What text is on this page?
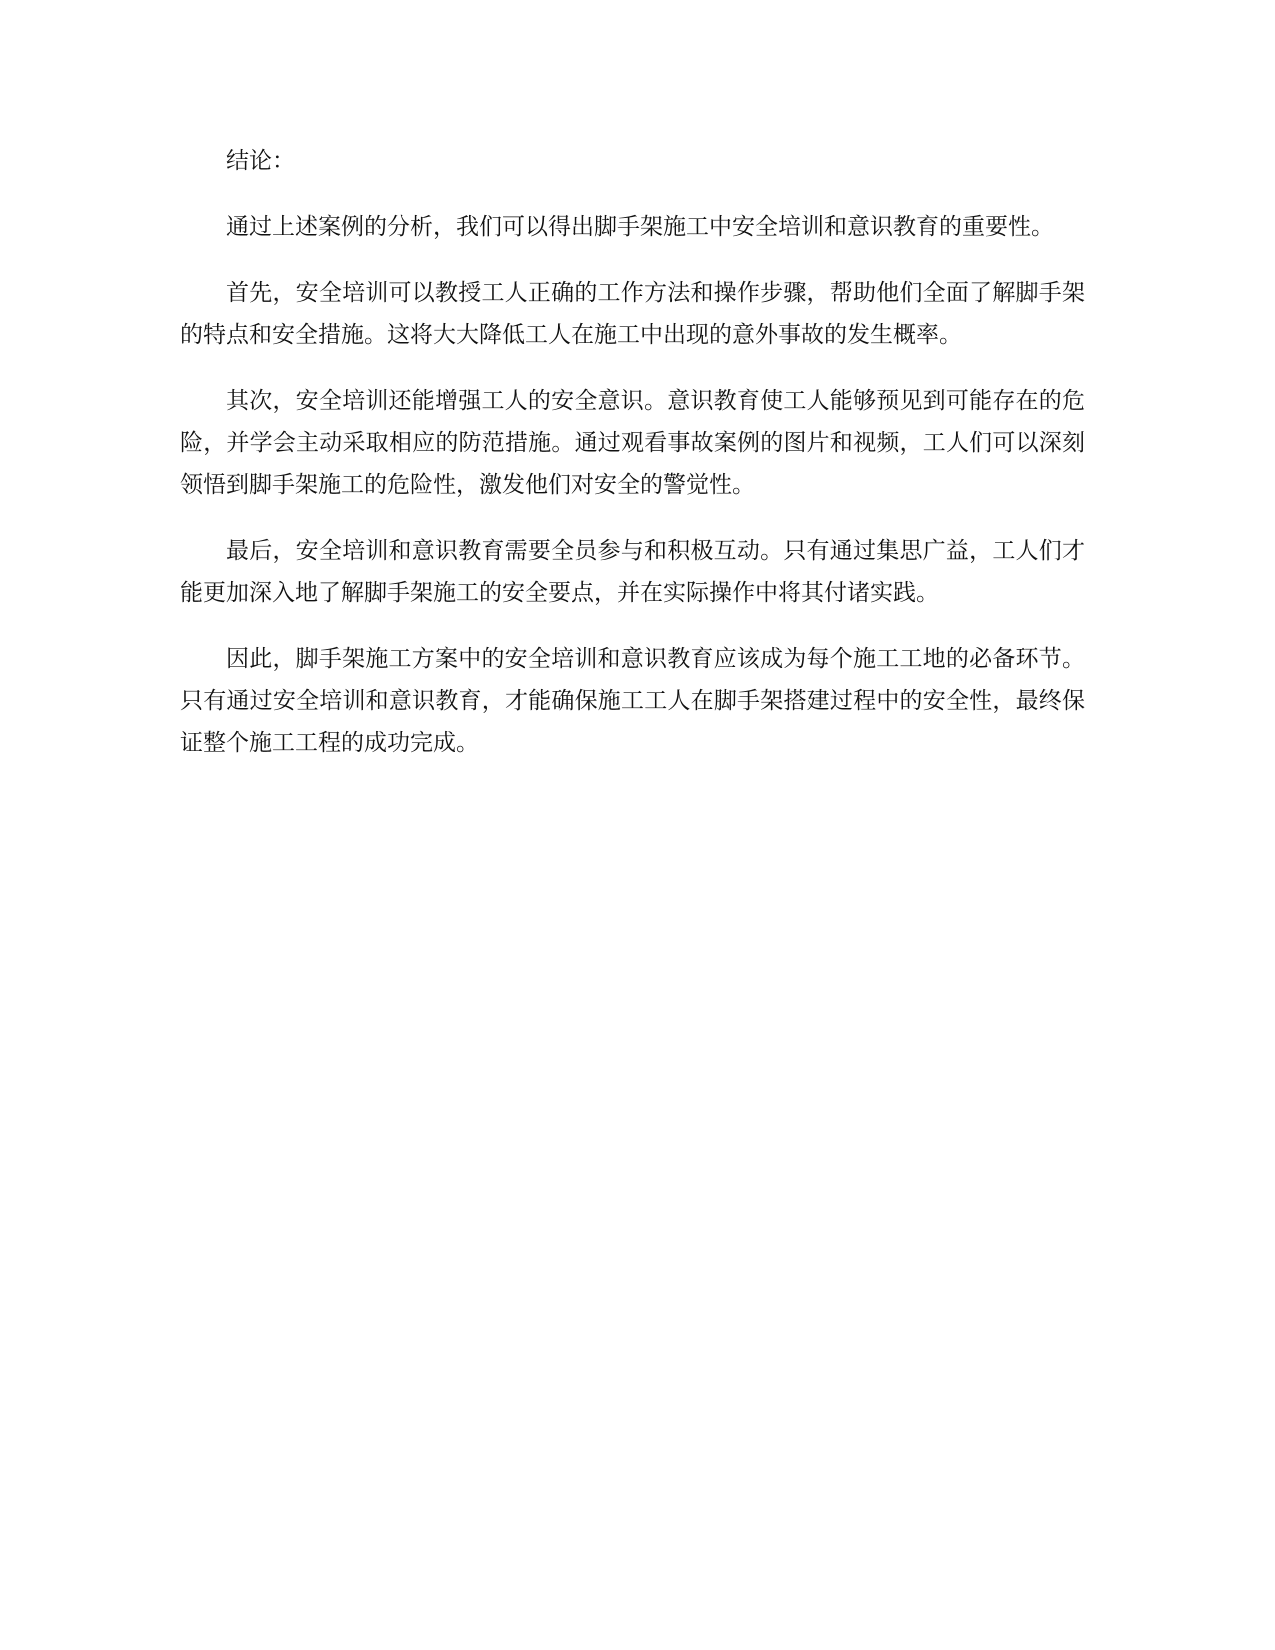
结论：

通过上述案例的分析，我们可以得出脚手架施工中安全培训和意识教育的重要性。

首先，安全培训可以教授工人正确的工作方法和操作步骤，帮助他们全面了解脚手架的特点和安全措施。这将大大降低工人在施工中出现的意外事故的发生概率。

其次，安全培训还能增强工人的安全意识。意识教育使工人能够预见到可能存在的危险，并学会主动采取相应的防范措施。通过观看事故案例的图片和视频，工人们可以深刻领悟到脚手架施工的危险性，激发他们对安全的警觉性。

最后，安全培训和意识教育需要全员参与和积极互动。只有通过集思广益，工人们才能更加深入地了解脚手架施工的安全要点，并在实际操作中将其付诸实践。

因此，脚手架施工方案中的安全培训和意识教育应该成为每个施工工地的必备环节。只有通过安全培训和意识教育，才能确保施工工人在脚手架搭建过程中的安全性，最终保证整个施工工程的成功完成。
